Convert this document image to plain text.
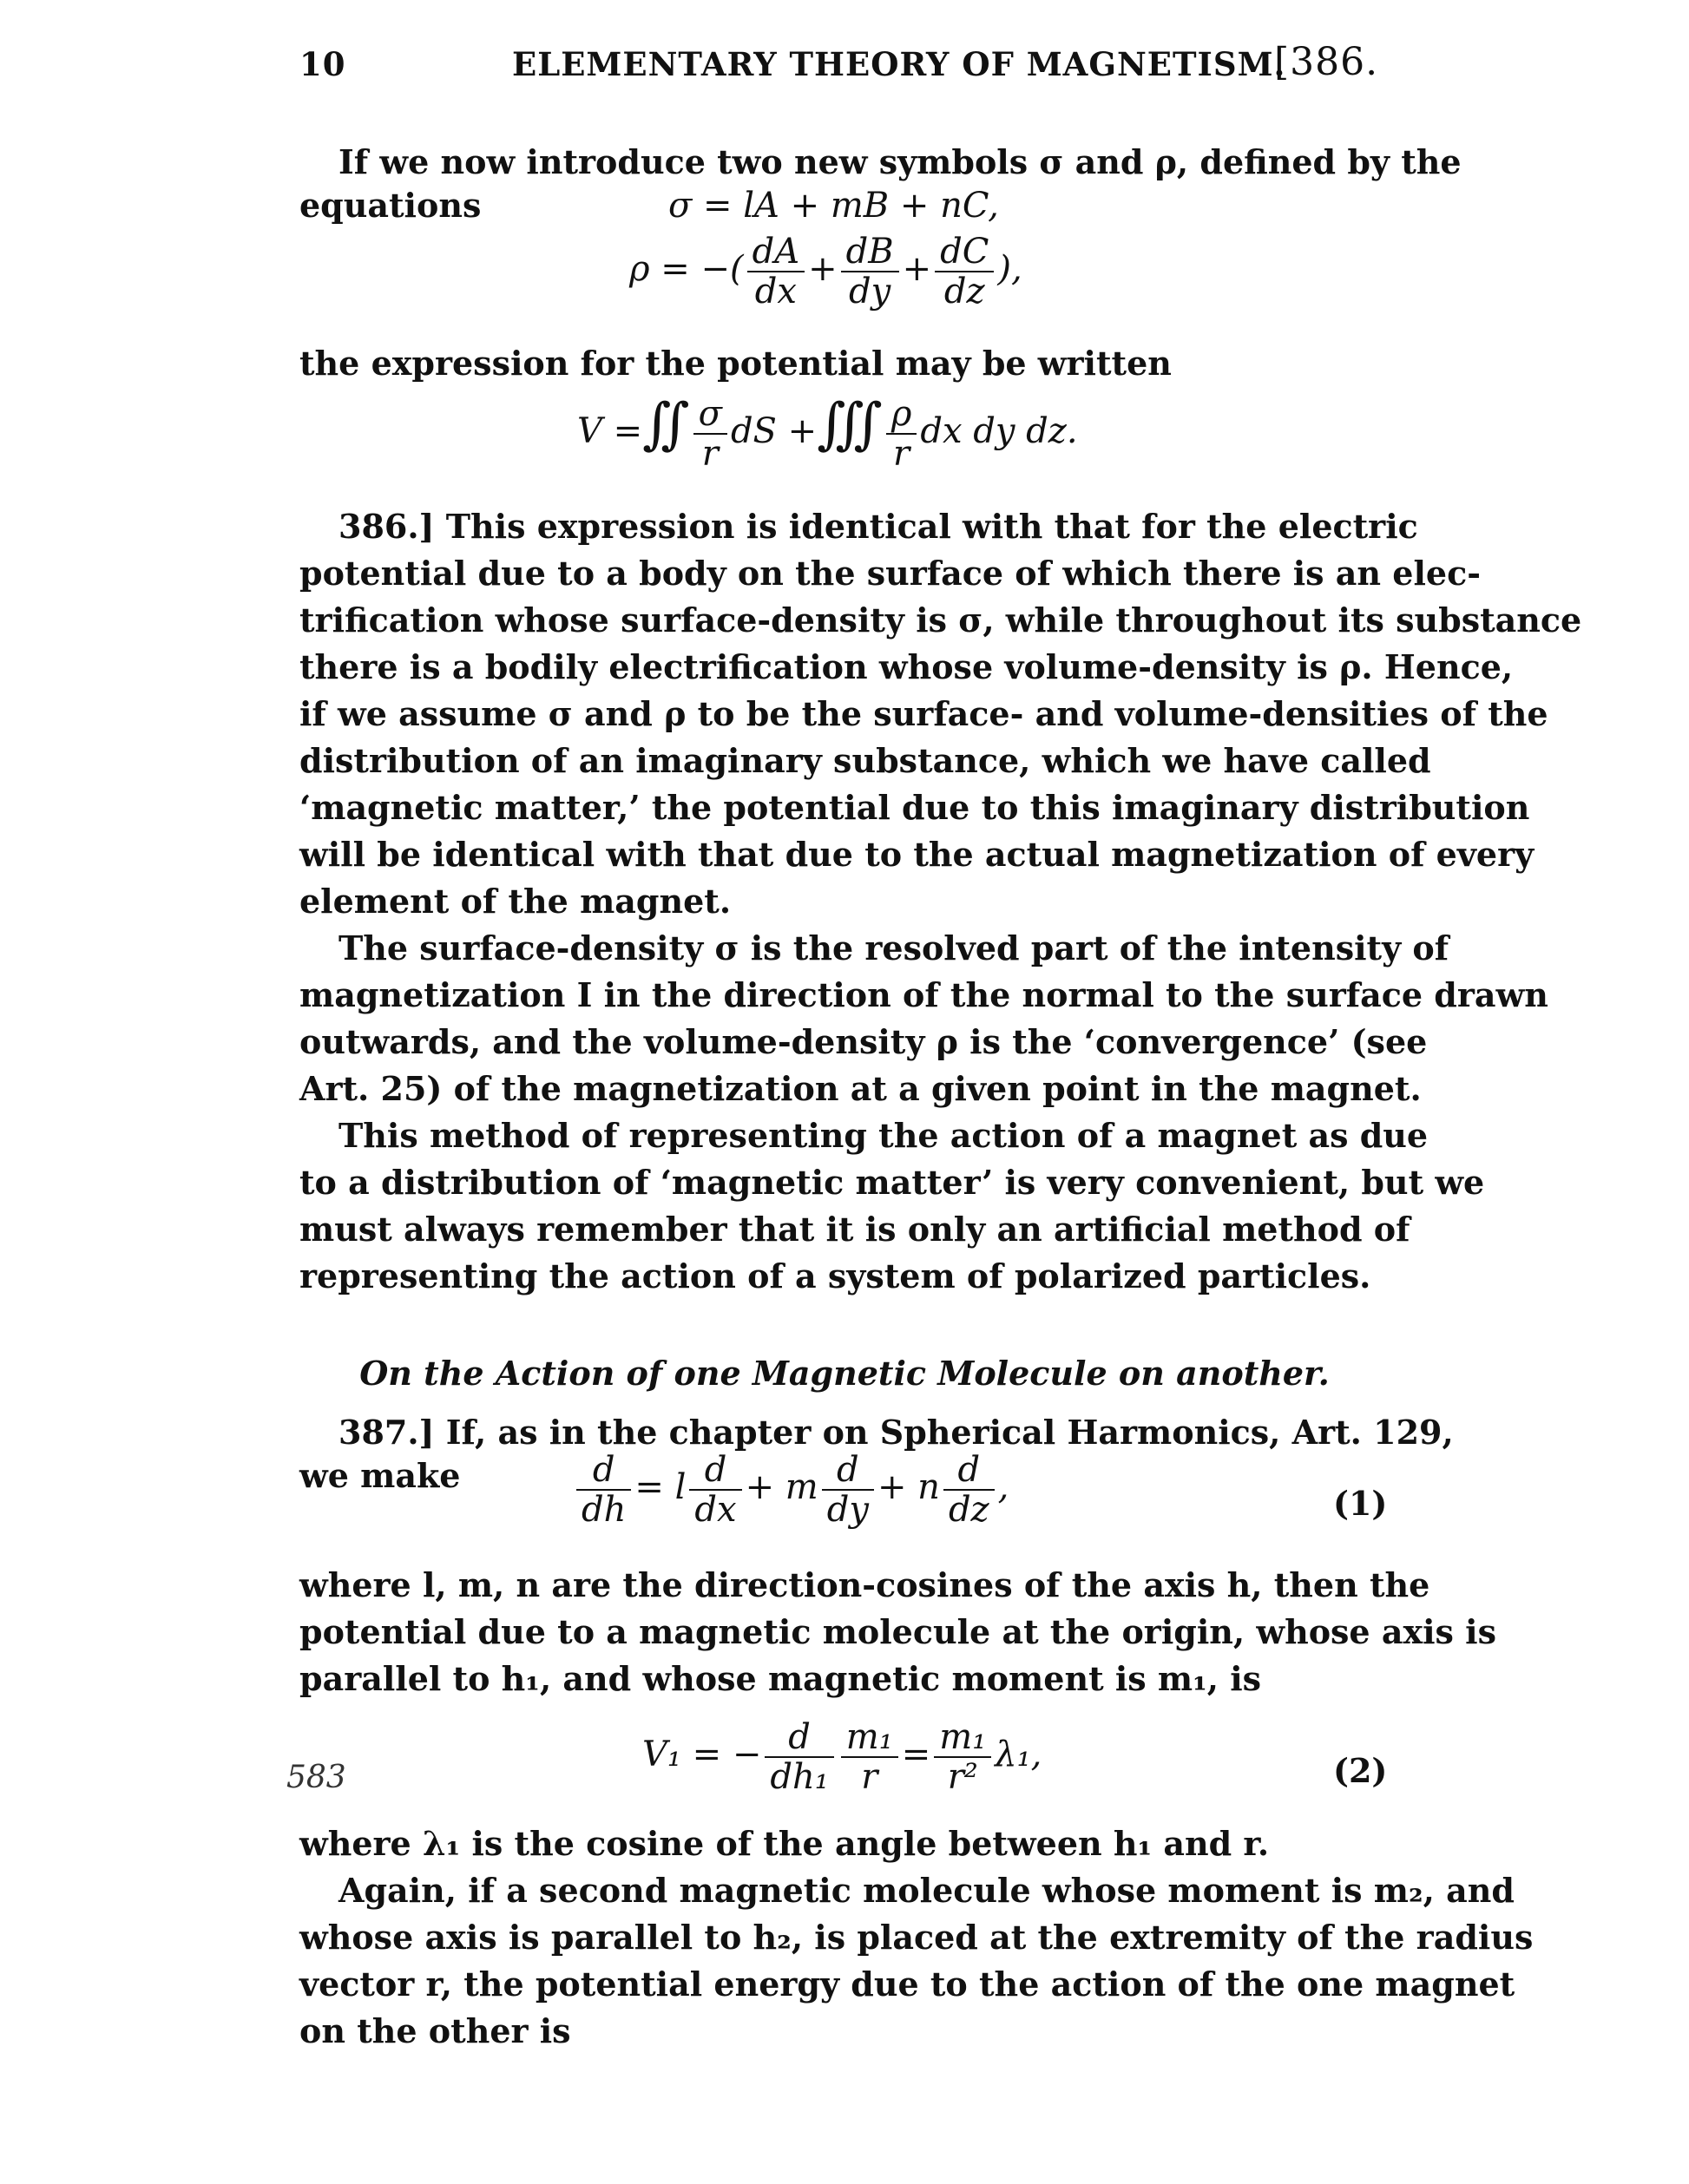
10	ELEMENTARY THEORY OF MAGNETISM.
[386.
If we now introduce two new symbols σ and ρ, defined by the
equations	σ = lA + mB + nC,
ρ = −( $\frac{dA}{dx} + \frac{dB}{dy} + \frac{dC}{dz}$ ),
the expression for the potential may be written
V =∬ $\frac{\sigma}{r}$ dS +∭ $\frac{\rho}{r}$ dx dy dz.
386.] This expression is identical with that for the electric
potential due to a body on the surface of which there is an elec-
trification whose surface-density is σ, while throughout its substance
there is a bodily electrification whose volume-density is ρ. Hence,
if we assume σ and ρ to be the surface- and volume-densities of the
distribution of an imaginary substance, which we have called
‘magnetic matter,’ the potential due to this imaginary distribution
will be identical with that due to the actual magnetization of every
element of the magnet.
The surface-density σ is the resolved part of the intensity of
magnetization I in the direction of the normal to the surface drawn
outwards, and the volume-density ρ is the ‘convergence’ (see
Art. 25) of the magnetization at a given point in the magnet.
This method of representing the action of a magnet as due
to a distribution of ‘magnetic matter’ is very convenient, but we
must always remember that it is only an artificial method of
representing the action of a system of polarized particles.
On the Action of one Magnetic Molecule on another.
387.] If, as in the chapter on Spherical Harmonics, Art. 129,
we make	$\frac{d}{dh} = l \frac{d}{dx} + m \frac{d}{dy} + n \frac{d}{dz}$ ,	(1)
where l, m, n are the direction-cosines of the axis h, then the
potential due to a magnetic molecule at the origin, whose axis is
parallel to h₁, and whose magnetic moment is m₁, is
583
V₁ = − $\frac{d}{\text{dh₁}} \frac{\text{m₁}}{r} = \frac{\text{m₁}}{\text{r²}} \lambda_1$,	(2)
where λ₁ is the cosine of the angle between h₁ and r.
Again, if a second magnetic molecule whose moment is m₂, and
whose axis is parallel to h₂, is placed at the extremity of the radius
vector r, the potential energy due to the action of the one magnet
on the other is
